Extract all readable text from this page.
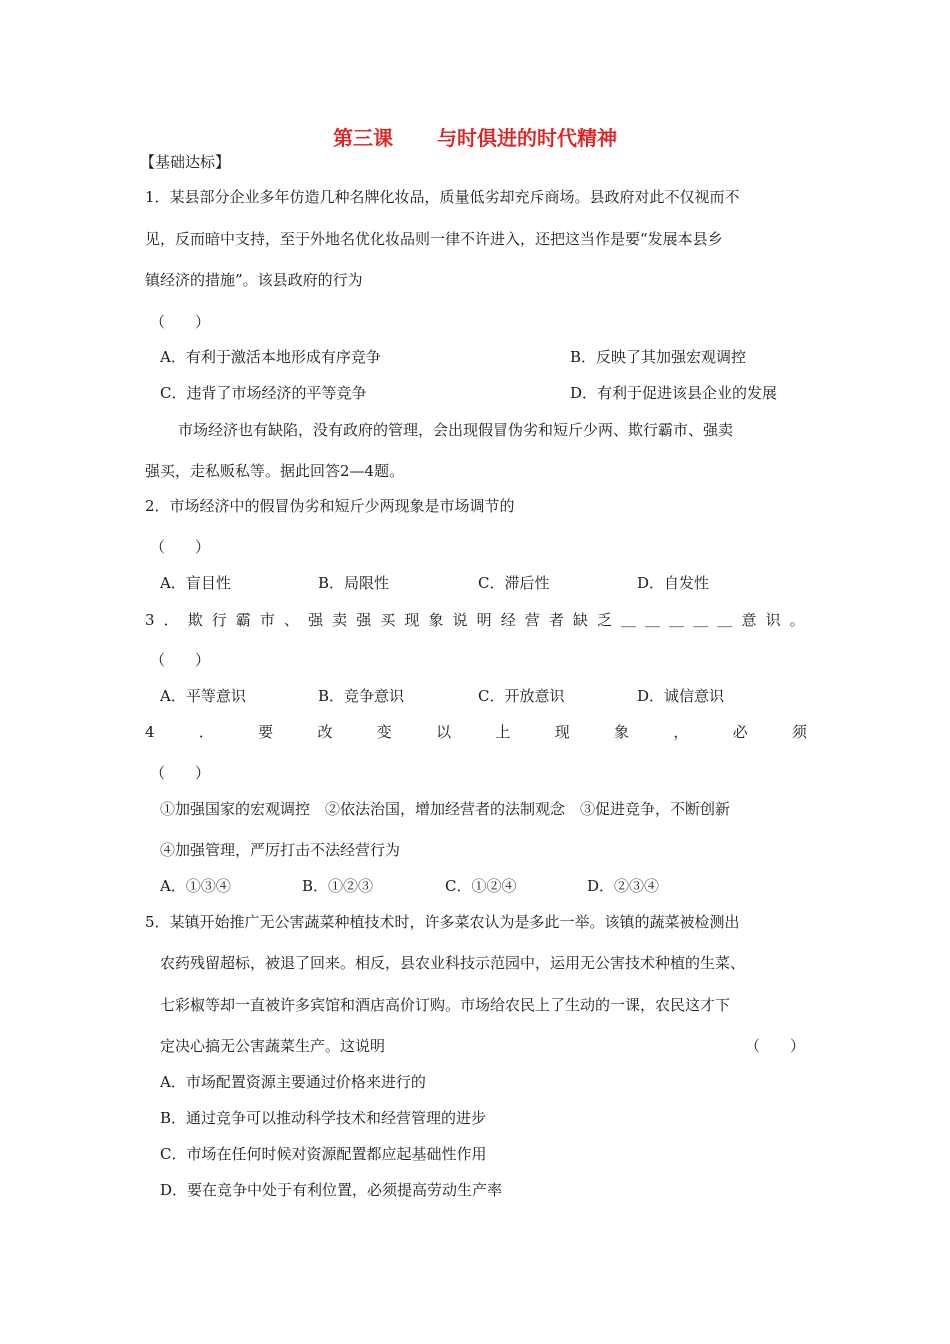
第三课 与时俱进的时代精神
【基础达标】
1．某县部分企业多年仿造几种名牌化妆品，质量低劣却充斥商场。县政府对此不仅视而不
见，反而暗中支持，至于外地名优化妆品则一律不许进入，还把这当作是要“发展本县乡
镇经济的措施”。该县政府的行为
（　　）
A．有利于激活本地形成有序竞争	B．反映了其加强宏观调控
C．违背了市场经济的平等竞争	D．有利于促进该县企业的发展
市场经济也有缺陷，没有政府的管理，会出现假冒伪劣和短斤少两、欺行霸市、强卖
强买，走私贩私等。据此回答2—4题。
2．市场经济中的假冒伪劣和短斤少两现象是市场调节的
（　　）
A．盲目性	B．局限性	C．滞后性	D．自发性
3 ． 欺 行 霸 市 、 强 卖 强 买 现 象 说 明 经 营 者 缺 乏 ＿ ＿ ＿ ＿ ＿ 意 识 。
（　　）
A．平等意识	B．竞争意识	C．开放意识	D．诚信意识
4	．	要	改	变	以	上	现	象	，	必	须
（　　）
①加强国家的宏观调控　②依法治国，增加经营者的法制观念　③促进竞争，不断创新
④加强管理，严厉打击不法经营行为
A．①③④	B．①②③	C．①②④	D．②③④
5．某镇开始推广无公害蔬菜种植技术时，许多菜农认为是多此一举。该镇的蔬菜被检测出
农药残留超标，被退了回来。相反，县农业科技示范园中，运用无公害技术种植的生菜、
七彩椒等却一直被许多宾馆和酒店高价订购。市场给农民上了生动的一课，农民这才下
定决心搞无公害蔬菜生产。这说明	（　　）
A．市场配置资源主要通过价格来进行的
B．通过竞争可以推动科学技术和经营管理的进步
C．市场在任何时候对资源配置都应起基础性作用
D．要在竞争中处于有利位置，必须提高劳动生产率
